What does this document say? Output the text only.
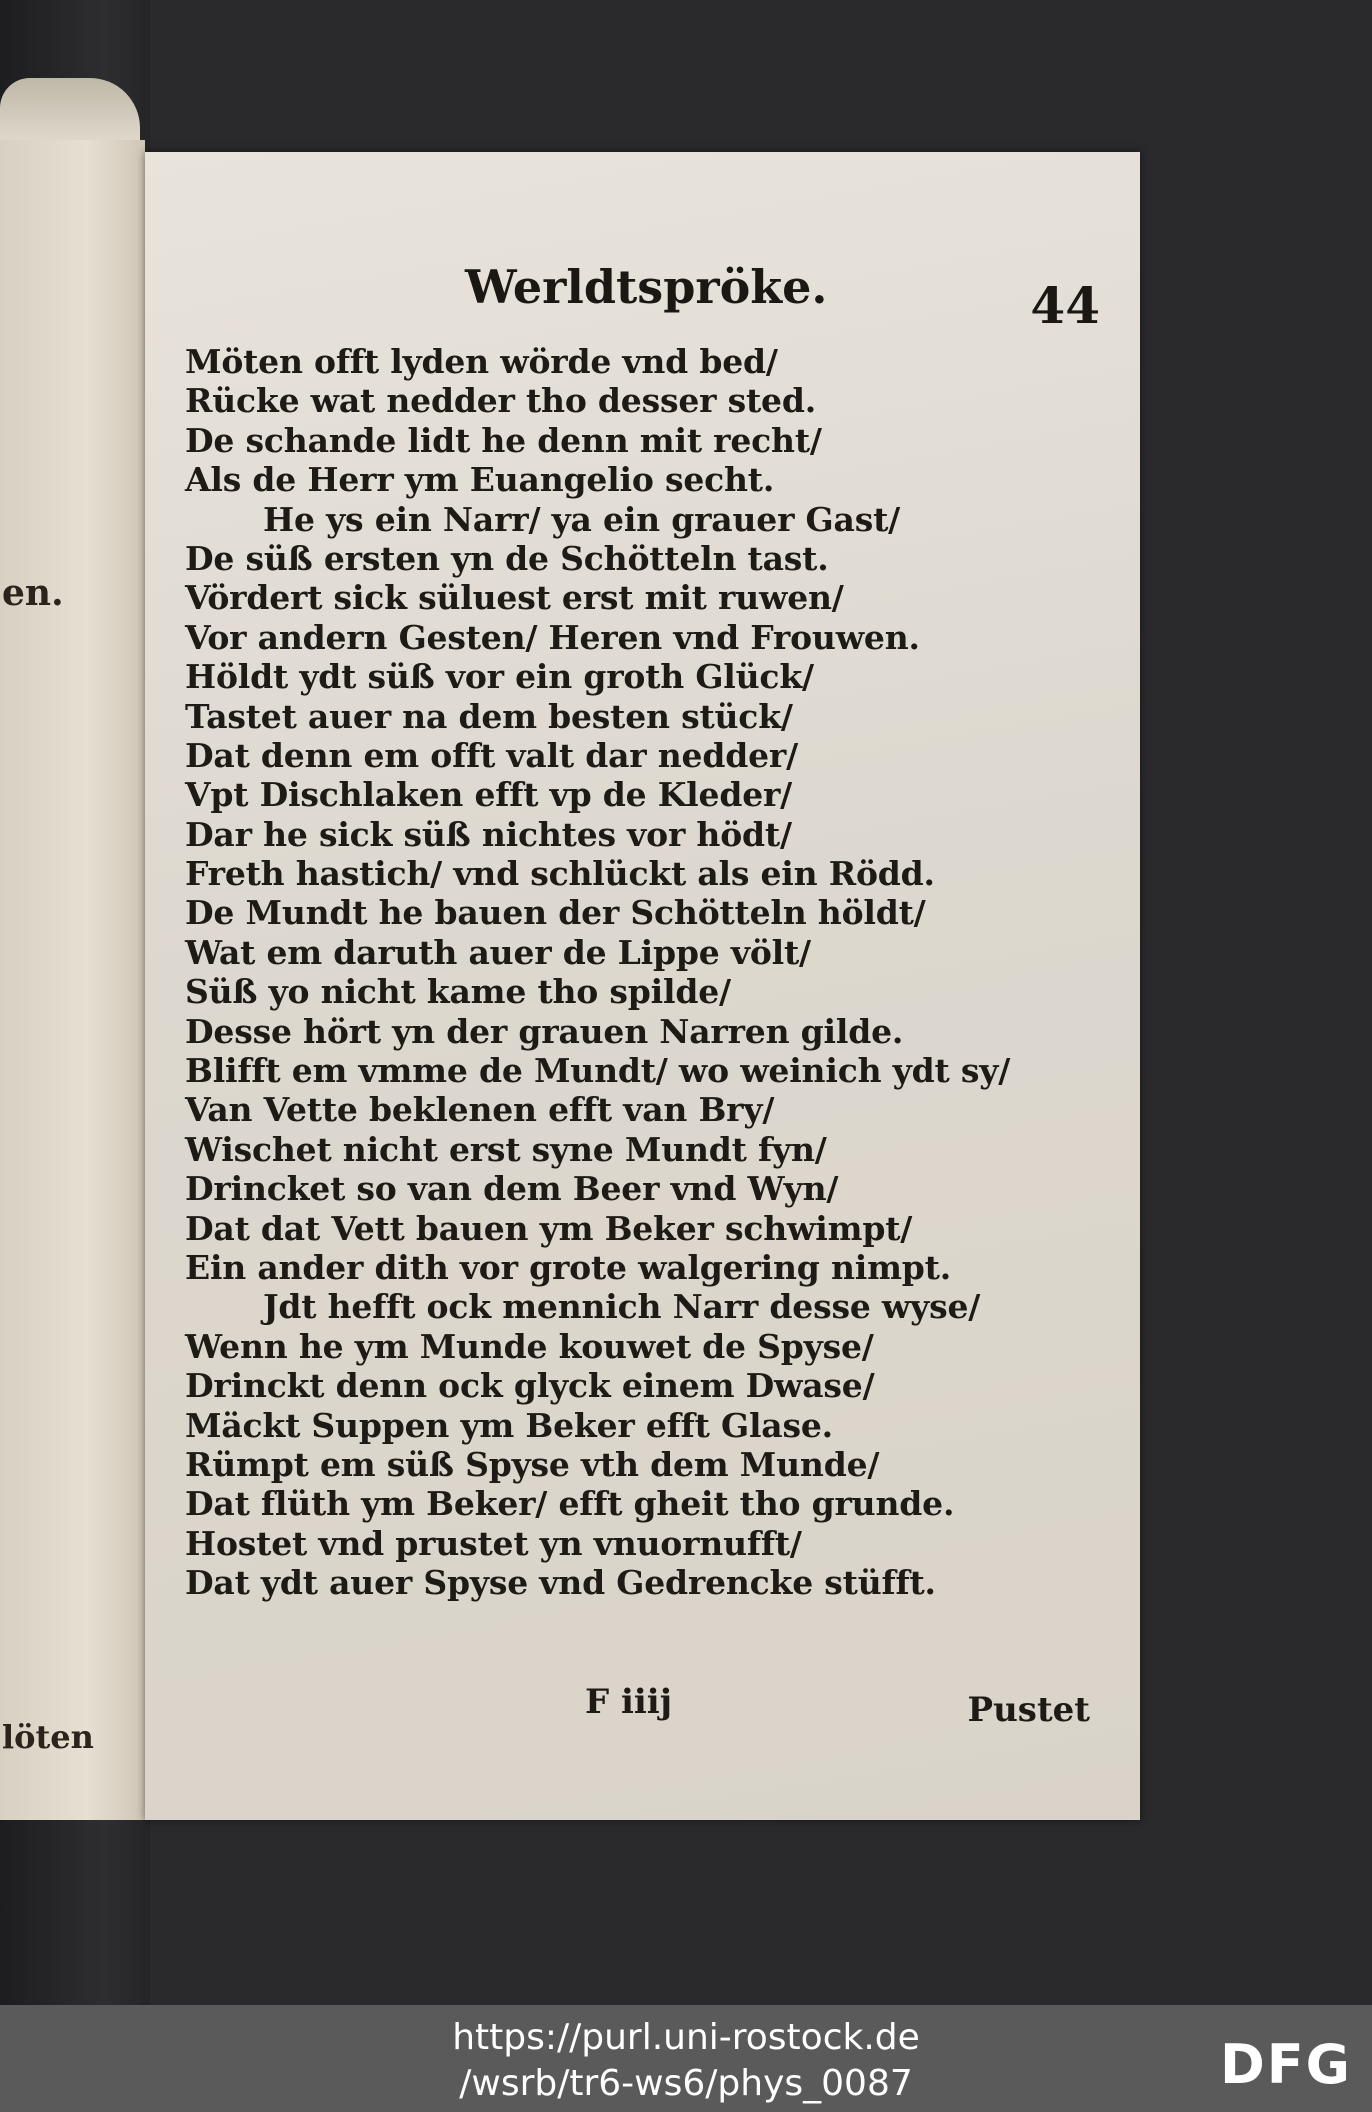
en.
löten
Werldtspröke.	44
Möten offt lyden wörde vnd bed/
Rücke wat nedder tho desser sted.
De schande lidt he denn mit recht/
Als de Herr ym Euangelio secht.
He ys ein Narr/ ya ein grauer Gast/
De süß ersten yn de Schötteln tast.
Vördert sick süluest erst mit ruwen/
Vor andern Gesten/ Heren vnd Frouwen.
Höldt ydt süß vor ein groth Glück/
Tastet auer na dem besten stück/
Dat denn em offt valt dar nedder/
Vpt Dischlaken efft vp de Kleder/
Dar he sick süß nichtes vor hödt/
Freth hastich/ vnd schlückt als ein Rödd.
De Mundt he bauen der Schötteln höldt/
Wat em daruth auer de Lippe völt/
Süß yo nicht kame tho spilde/
Desse hört yn der grauen Narren gilde.
Blifft em vmme de Mundt/ wo weinich ydt sy/
Van Vette beklenen efft van Bry/
Wischet nicht erst syne Mundt fyn/
Drincket so van dem Beer vnd Wyn/
Dat dat Vett bauen ym Beker schwimpt/
Ein ander dith vor grote walgering nimpt.
Jdt hefft ock mennich Narr desse wyse/
Wenn he ym Munde kouwet de Spyse/
Drinckt denn ock glyck einem Dwase/
Mäckt Suppen ym Beker efft Glase.
Rümpt em süß Spyse vth dem Munde/
Dat flüth ym Beker/ efft gheit tho grunde.
Hostet vnd prustet yn vnuornufft/
Dat ydt auer Spyse vnd Gedrencke stüfft.
F iiij	Pustet
https://purl.uni-rostock.de
/wsrb/tr6-ws6/phys_0087	DFG
